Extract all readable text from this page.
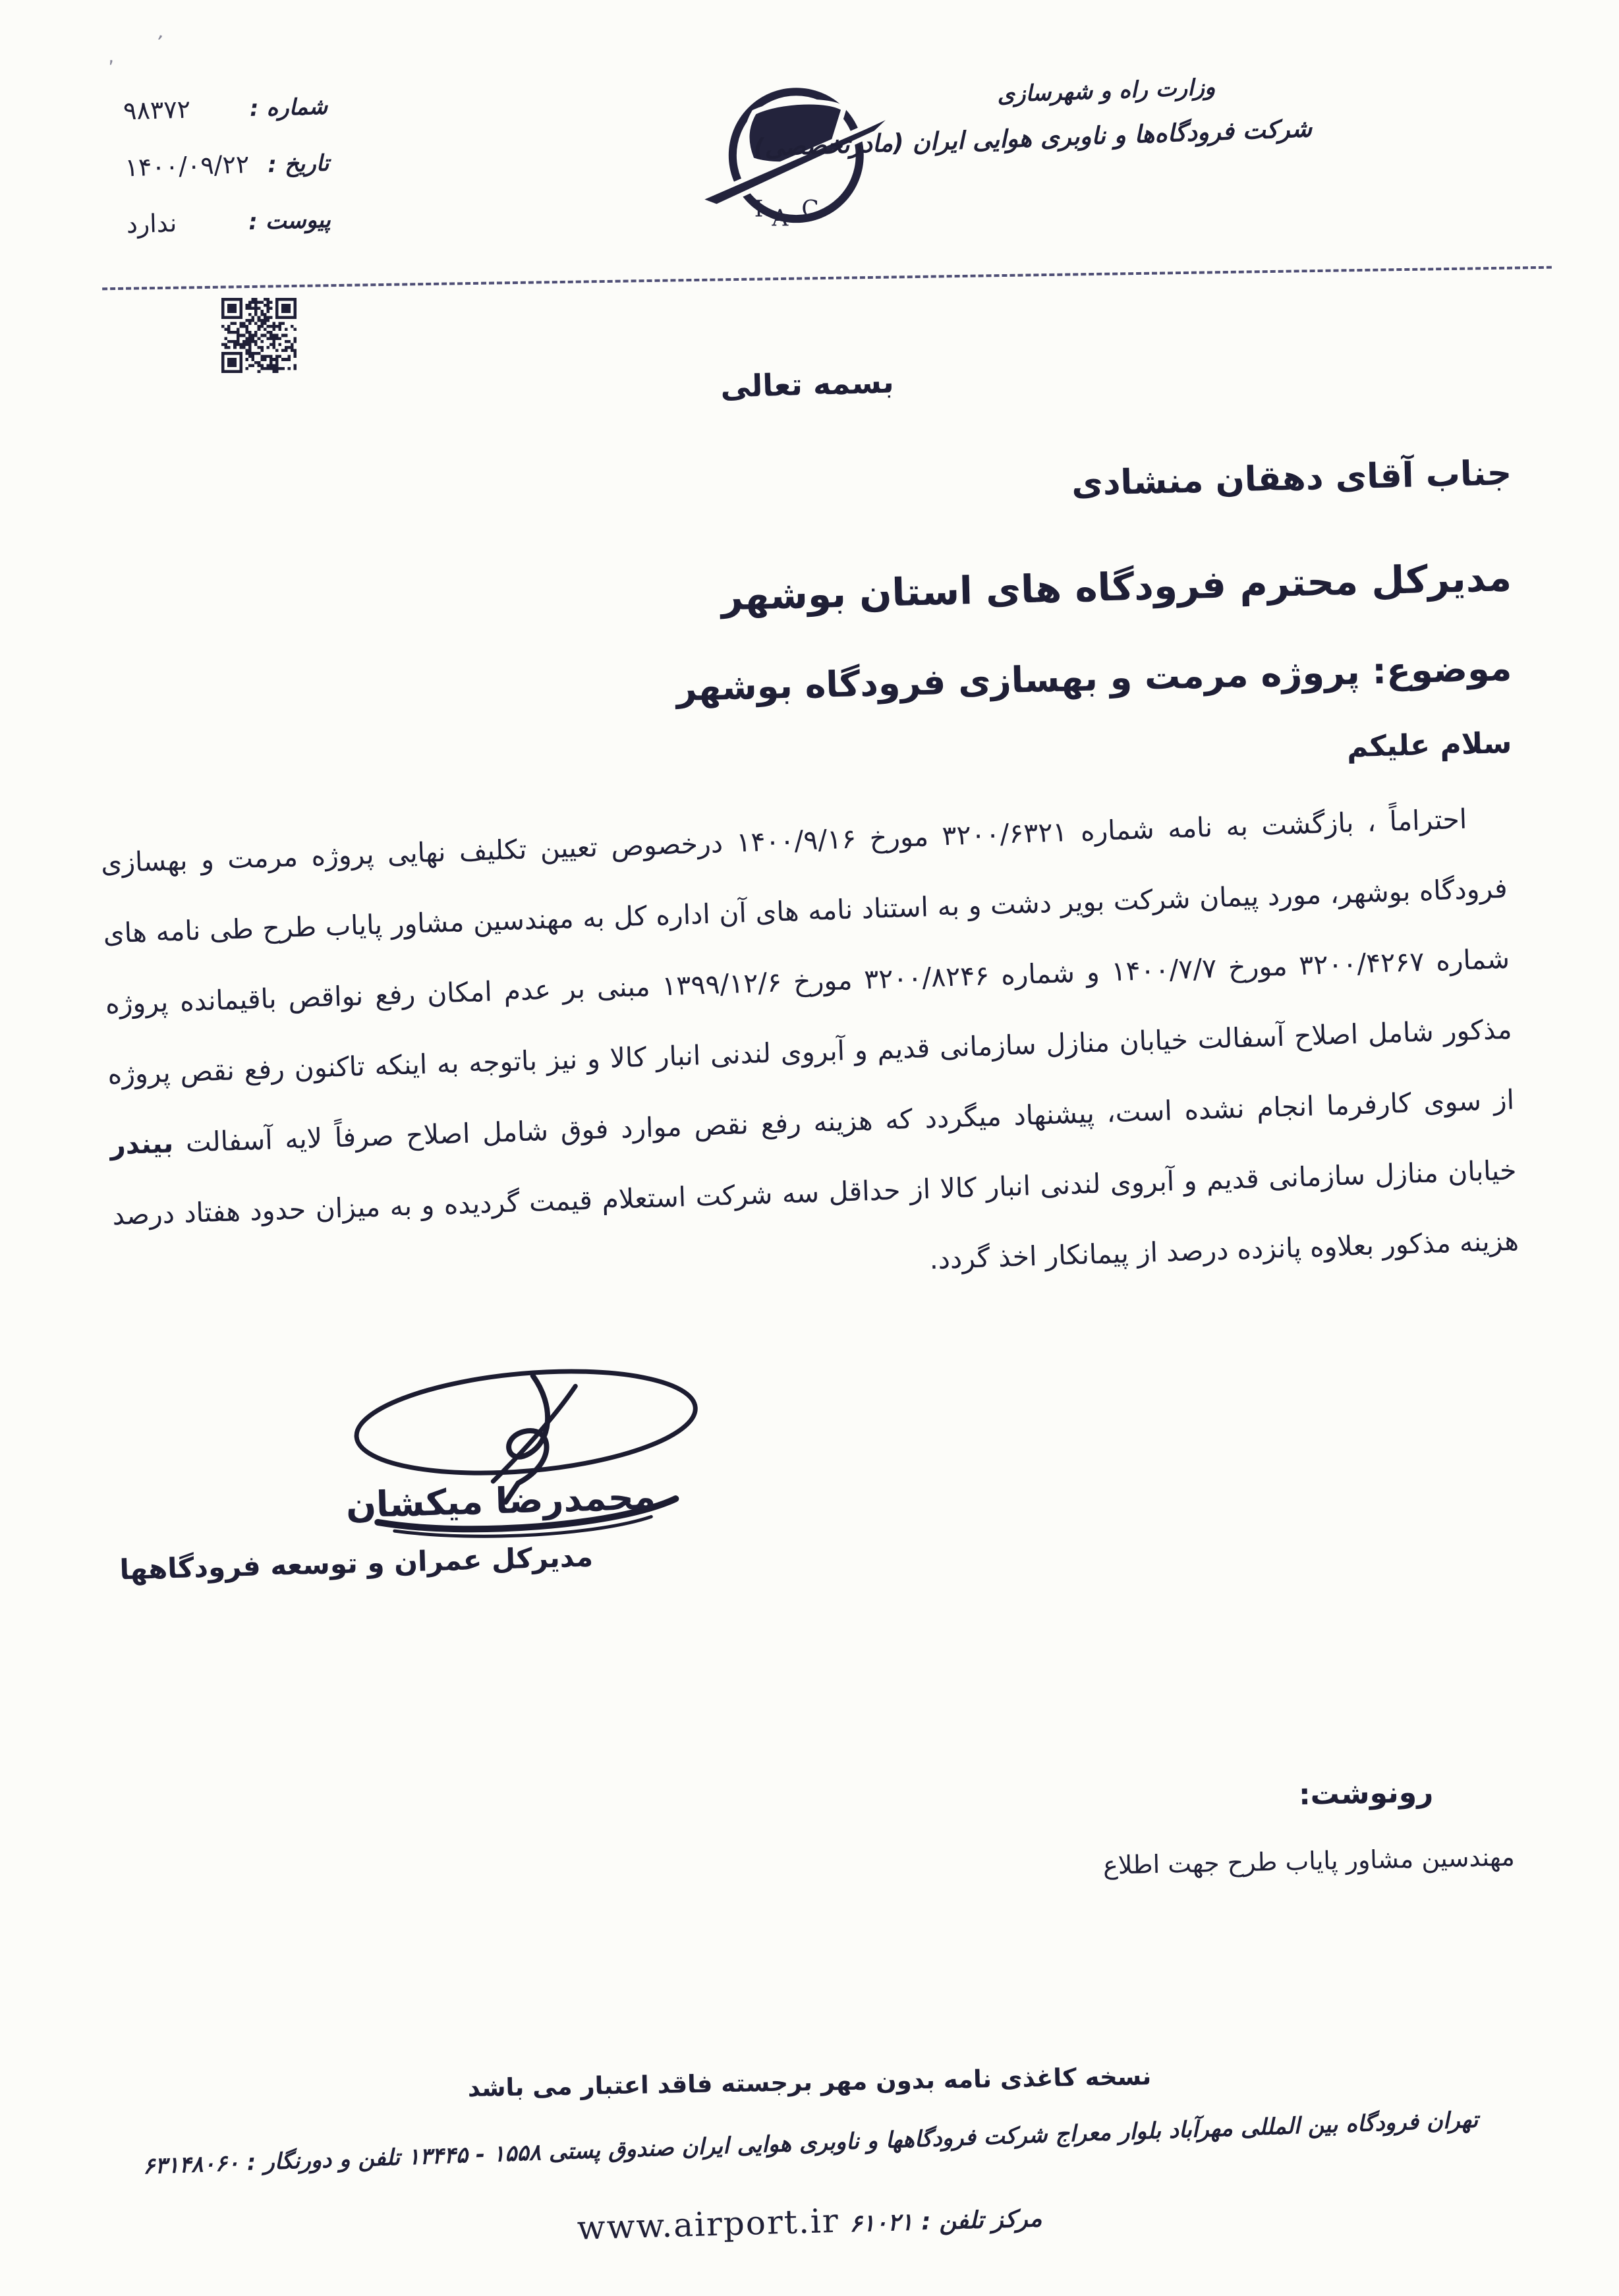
٬
٬
شماره :
۹۸۳۷۲
تاریخ :
۱۴۰۰/۰۹/۲۲
پیوست :
ندارد	I A C
وزارت راه و شهرسازی
شرکت فرودگاه‌ها و ناوبری هوایی ایران (مادرتخصصی)
بسمه تعالی
جناب آقای دهقان منشادی
مدیرکل محترم فرودگاه های استان بوشهر
موضوع: پروژه مرمت و بهسازی فرودگاه بوشهر
سلام علیکم
احتراماً ، بازگشت به نامه شماره ۳۲۰۰/۶۳۲۱ مورخ ۱۴۰۰/۹/۱۶ درخصوص تعیین تکلیف نهایی پروژه مرمت و بهسازی
فرودگاه بوشهر، مورد پیمان شرکت بویر دشت و به استناد نامه های آن اداره کل به مهندسین مشاور پایاب طرح طی نامه های
شماره ۳۲۰۰/۴۲۶۷ مورخ ۱۴۰۰/۷/۷ و شماره ۳۲۰۰/۸۲۴۶ مورخ ۱۳۹۹/۱۲/۶ مبنی بر عدم امکان رفع نواقص باقیمانده پروژه
مذکور شامل اصلاح آسفالت خیابان منازل سازمانی قدیم و آبروی لندنی انبار کالا و نیز باتوجه به اینکه تاکنون رفع نقص پروژه
از سوی کارفرما انجام نشده است، پیشنهاد میگردد که هزینه رفع نقص موارد فوق شامل اصلاح صرفاً لایه آسفالت بیندر
خیابان منازل سازمانی قدیم و آبروی لندنی انبار کالا از حداقل سه شرکت استعلام قیمت گردیده و به میزان حدود هفتاد درصد
هزینه مذکور بعلاوه پانزده درصد از پیمانکار اخذ گردد.
محمدرضا میکشان
مدیرکل عمران و توسعه فرودگاهها
رونوشت:
مهندسین مشاور پایاب طرح جهت اطلاع
نسخه کاغذی نامه بدون مهر برجسته فاقد اعتبار می باشد
تهران فرودگاه بین المللی مهرآباد بلوار معراج شرکت فرودگاهها و ناوبری هوایی ایران صندوق پستی ۱۵۵۸ - ۱۳۴۴۵ تلفن و دورنگار : ۶۳۱۴۸۰۶۰
مرکز تلفن : ۶۱۰۲۱   www.airport.ir
